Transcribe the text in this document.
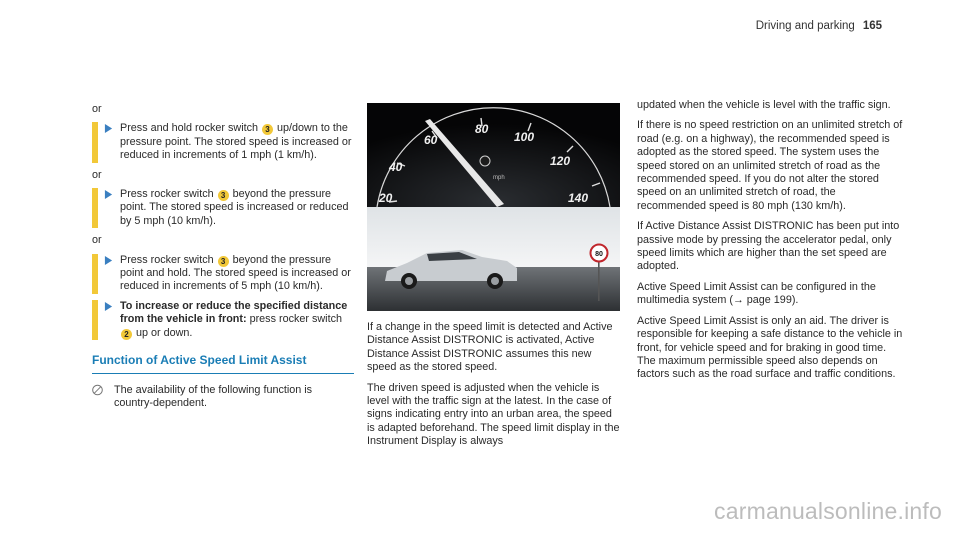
Driving and parking 165
or
Press and hold rocker switch 3 up/down to the pressure point. The stored speed is increased or reduced in increments of 1 mph (1 km/h).
or
Press rocker switch 3 beyond the pressure point. The stored speed is increased or reduced by 5 mph (10 km/h).
or
Press rocker switch 3 beyond the pressure point and hold. The stored speed is increased or reduced in increments of 5 mph (10 km/h).
To increase or reduce the specified distance from the vehicle in front: press rocker switch 2 up or down.
Function of Active Speed Limit Assist
The availability of the following function is country-dependent.
20
40
60
80
100
120
140
mph
80
If a change in the speed limit is detected and Active Distance Assist DISTRONIC is activated, Active Distance Assist DISTRONIC assumes this new speed as the stored speed.
The driven speed is adjusted when the vehicle is level with the traffic sign at the latest. In the case of signs indicating entry into an urban area, the speed is adapted beforehand. The speed limit display in the Instrument Display is always
updated when the vehicle is level with the traffic sign.
If there is no speed restriction on an unlimited stretch of road (e.g. on a highway), the recommended speed is adopted as the stored speed. The system uses the speed stored on an unlimited stretch of road as the recommended speed. If you do not alter the stored speed on an unlimited stretch of road, the recommended speed is 80 mph (130 km/h).
If Active Distance Assist DISTRONIC has been put into passive mode by pressing the accelerator pedal, only speed limits which are higher than the set speed are adopted.
Active Speed Limit Assist can be configured in the multimedia system (→ page 199).
Active Speed Limit Assist is only an aid. The driver is responsible for keeping a safe distance to the vehicle in front, for vehicle speed and for braking in good time. The maximum permissible speed also depends on factors such as the road surface and traffic conditions.
carmanualsonline.info
